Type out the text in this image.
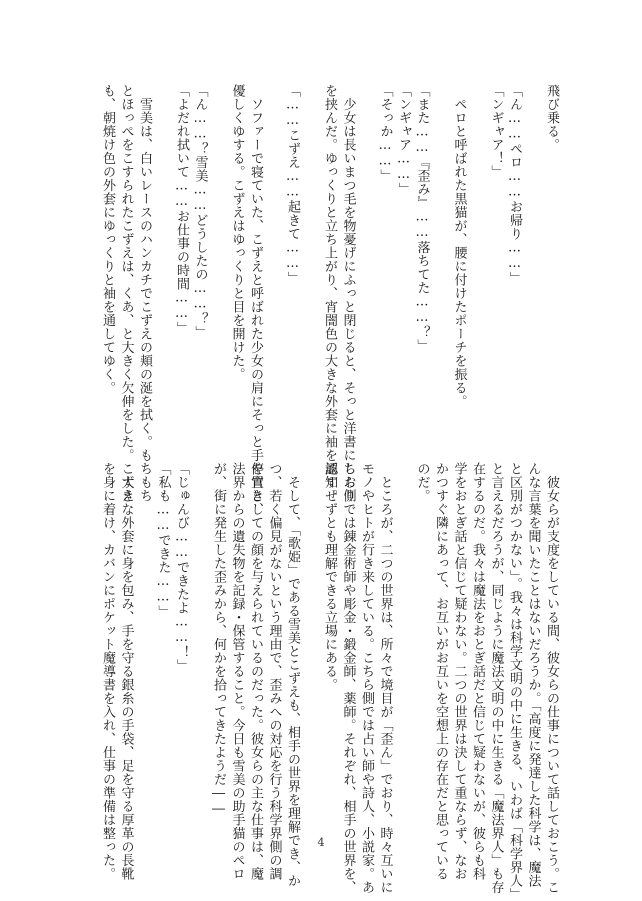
飛び乗る。
「ん……ペロ……お帰り……」
「ンギャア！」
　ペロと呼ばれた黒猫が、腰に付けたポーチを振る。
「また……『歪み』……落ちてた……？」
「ンギャア……」
「そっか……」
　少女は長いまつ毛を物憂げにふっと閉じると、そっと洋書にしおり
を挟んだ。ゆっくりと立ち上がり、宵闇色の大きな外套に袖を通す。
「……こずえ……起きて……」
　ソファーで寝ていた、こずえと呼ばれた少女の肩にそっと手を置き、
優しくゆする。こずえはゆっくりと目を開けた。
「ん……？雪美……どうしたの……？」
「よだれ拭いて……お仕事の時間……」
　雪美は、白いレースのハンカチでこずえの頬の涎を拭く。もちもち
とほっぺをこすられたこずえは、くあ、と大きく欠伸をした。こずえ
も、朝焼け色の外套にゆっくりと袖を通してゆく。
　彼女らが支度をしている間、彼女らの仕事について話しておこう。こ
んな言葉を聞いたことはないだろうか。「高度に発達した科学は、魔法
と区別がつかない」。我々は科学文明の中に生きる、いわば「科学界人」
と言えるだろうが、同じように魔法文明の中に生きる「魔法界人」も存
在するのだ。我々は魔法をおとぎ話だと信じて疑わないが、彼らも科
学をおとぎ話と信じて疑わない。二つの世界は決して重ならず、なお
かつすぐ隣にあって、お互いがお互いを空想上の存在だと思っている
のだ。
　ところが、二つの世界は、所々で境目が「歪ん」でおり、時々互いに
モノやヒトが行き来している。こちら側では占い師や詩人、小説家。あ
ちら側では錬金術師や彫金・鍛金師、薬師。それぞれ、相手の世界を、
認知せずとも理解できる立場にある。
　そして、「歌姫」である雪美とこずえも、相手の世界を理解でき、か
つ、若く偏見がないという理由で、歪みへの対応を行う科学界側の調
停官としての顔を与えられているのだった。彼女らの主な仕事は、魔
法界からの遺失物を記録・保管すること。今日も雪美の助手猫のペロ
が、街に発生した歪みから、何かを拾ってきたようだ――
「じゅんび……できたよ……！」
「私も……できた……」
　大きな外套に身を包み、手を守る銀糸の手袋、足を守る厚革の長靴
を身に着け、カバンにポケット魔導書を入れ、仕事の準備は整った。	4
